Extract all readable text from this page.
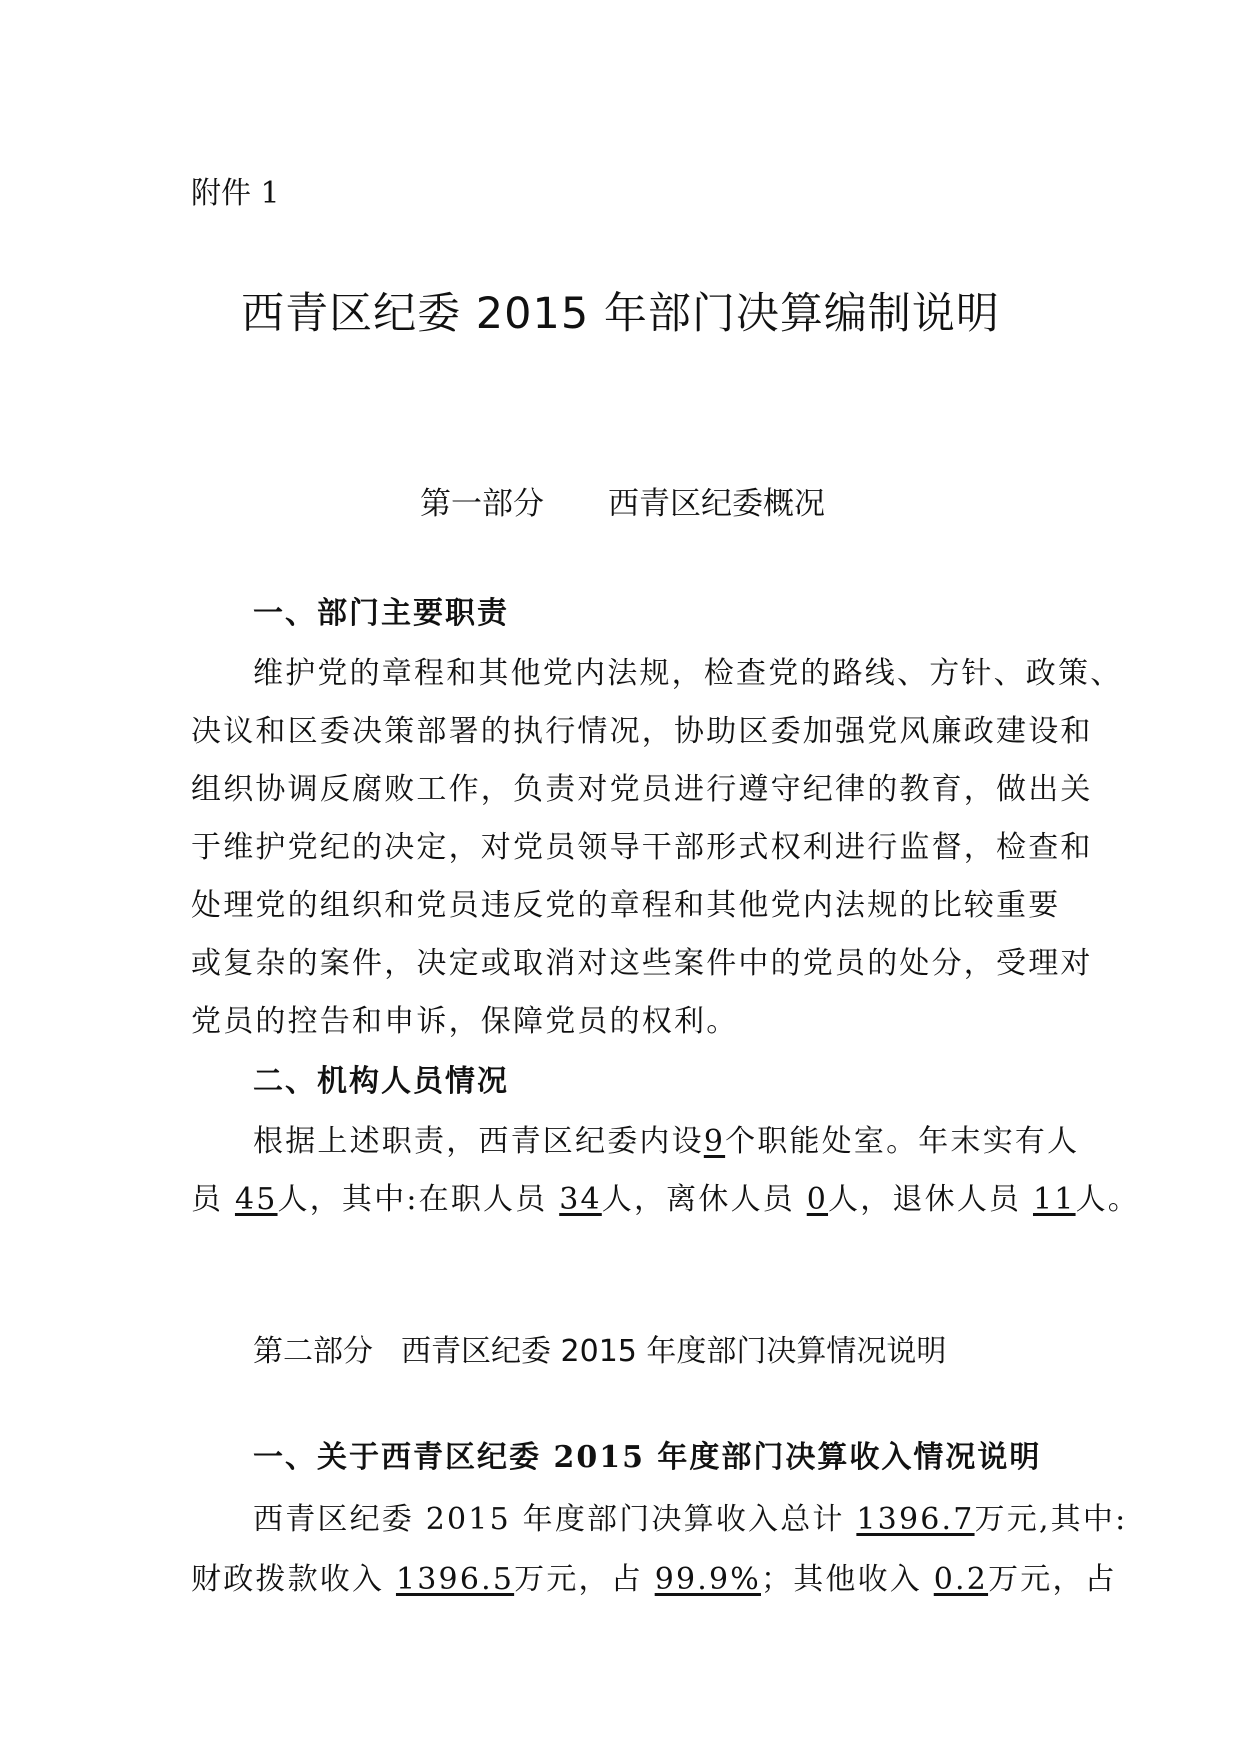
附件 1
西青区纪委 2015 年部门决算编制说明
第一部分 西青区纪委概况
一、部门主要职责
维护党的章程和其他党内法规，检查党的路线、方针、政策、
决议和区委决策部署的执行情况，协助区委加强党风廉政建设和
组织协调反腐败工作，负责对党员进行遵守纪律的教育，做出关
于维护党纪的决定，对党员领导干部形式权利进行监督，检查和
处理党的组织和党员违反党的章程和其他党内法规的比较重要
或复杂的案件，决定或取消对这些案件中的党员的处分，受理对
党员的控告和申诉，保障党员的权利。
二、机构人员情况
根据上述职责，西青区纪委内设9个职能处室。年末实有人
员 45人，其中:在职人员 34人，离休人员 0人，退休人员 11人。
第二部分 西青区纪委 2015 年度部门决算情况说明
一、关于西青区纪委 2015 年度部门决算收入情况说明
西青区纪委 2015 年度部门决算收入总计 1396.7万元,其中:
财政拨款收入 1396.5万元，占 99.9%；其他收入 0.2万元，占
